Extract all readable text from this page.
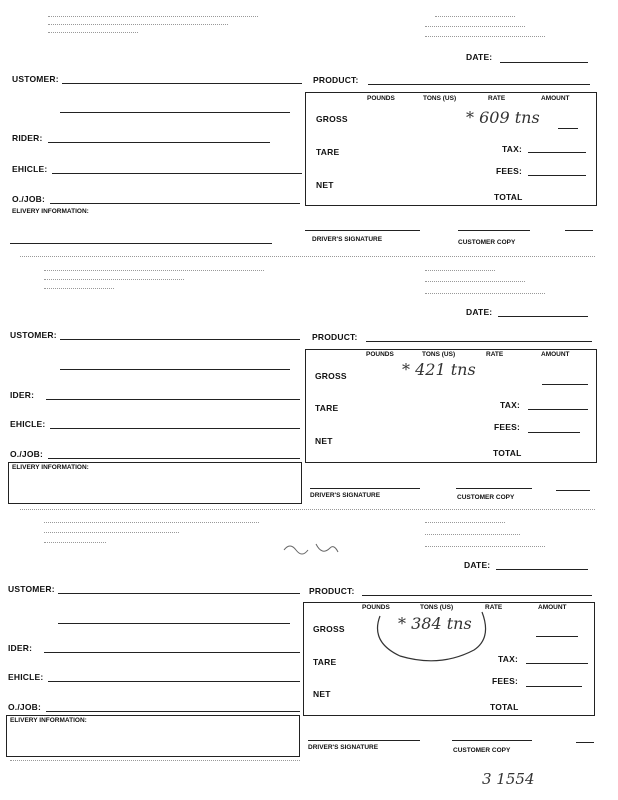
DATE:
USTOMER:	PRODUCT:
RIDER:
EHICLE:
O./JOB:
ELIVERY INFORMATION:
POUNDS	TONS (US)	RATE	AMOUNT
GROSS	* 609 tns
TARE	TAX:
FEES:
NET
TOTAL
DRIVER'S SIGNATURE	CUSTOMER COPY
DATE:
USTOMER:	PRODUCT:
IDER:
EHICLE:
O./JOB:
ELIVERY INFORMATION:
POUNDS	TONS (US)	RATE	AMOUNT
GROSS	* 421 tns
TARE	TAX:
FEES:
NET
TOTAL
DRIVER'S SIGNATURE	CUSTOMER COPY
DATE:
USTOMER:	PRODUCT:
IDER:
EHICLE:
O./JOB:
ELIVERY INFORMATION:
POUNDS	TONS (US)	RATE	AMOUNT
GROSS	* 384 tns
TARE	TAX:
FEES:
NET
TOTAL
DRIVER'S SIGNATURE	CUSTOMER COPY
3 1554
